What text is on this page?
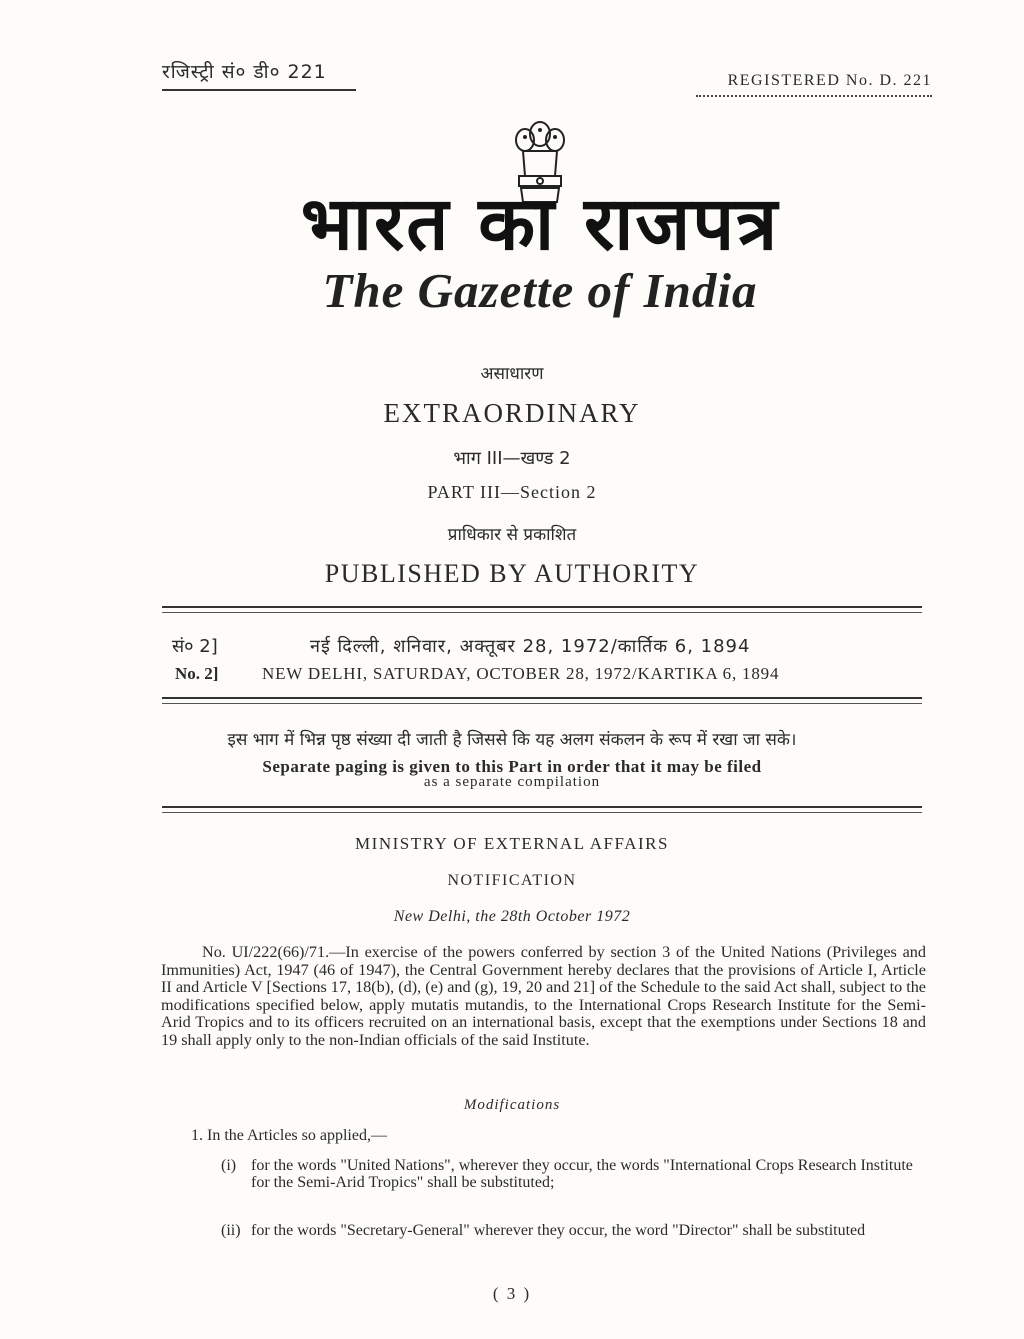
रजिस्ट्री सं० डी० 221	REGISTERED No. D. 221
भारत का राजपत्र
The Gazette of India
असाधारण
EXTRAORDINARY
भाग III—खण्ड 2
PART III—Section 2
प्राधिकार से प्रकाशित
PUBLISHED BY AUTHORITY
सं० 2]	नई दिल्ली, शनिवार, अक्तूबर 28, 1972/कार्तिक 6, 1894
No. 2]	NEW DELHI, SATURDAY, OCTOBER 28, 1972/KARTIKA 6, 1894
इस भाग में भिन्न पृष्ठ संख्या दी जाती है जिससे कि यह अलग संकलन के रूप में रखा जा सके।
Separate paging is given to this Part in order that it may be filed
as a separate compilation
MINISTRY OF EXTERNAL AFFAIRS
NOTIFICATION
New Delhi, the 28th October 1972

No. UI/222(66)/71.—In exercise of the powers conferred by section 3 of the United Nations (Privileges and Immunities) Act, 1947 (46 of 1947), the Central Government hereby declares that the provisions of Article I, Article II and Article V [Sections 17, 18(b), (d), (e) and (g), 19, 20 and 21] of the Schedule to the said Act shall, subject to the modifications specified below, apply mutatis mutandis, to the International Crops Research Institute for the Semi-Arid Tropics and to its officers recruited on an international basis, except that the exemptions under Sections 18 and 19 shall apply only to the non-Indian officials of the said Institute.

Modifications
1. In the Articles so applied,—
(i) for the words "United Nations", wherever they occur, the words "International Crops Research Institute for the Semi-Arid Tropics" shall be substituted;
(ii) for the words "Secretary-General" wherever they occur, the word "Director" shall be substituted
( 3 )
